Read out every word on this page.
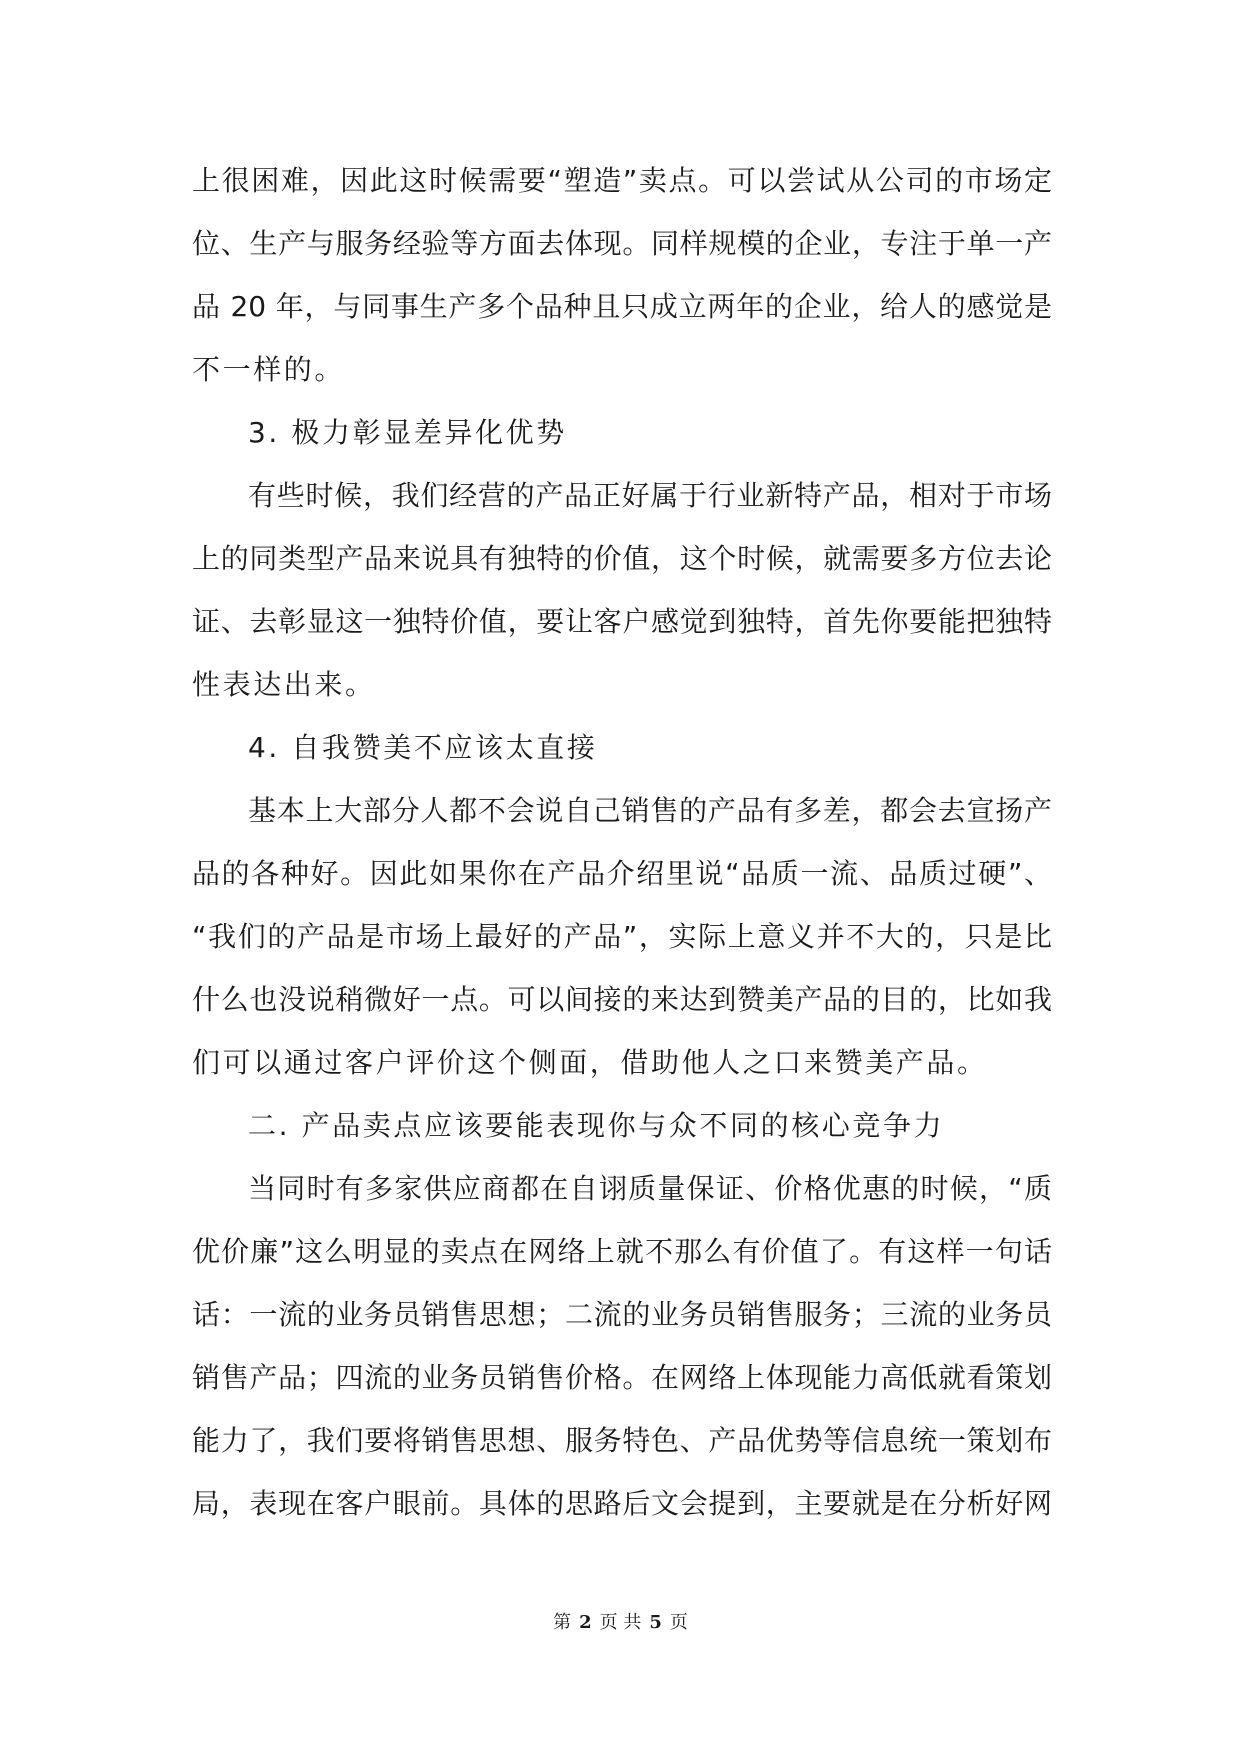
上很困难，因此这时候需要“塑造”卖点。可以尝试从公司的市场定
位、生产与服务经验等方面去体现。同样规模的企业，专注于单一产
品 20 年，与同事生产多个品种且只成立两年的企业，给人的感觉是
不一样的。
3. 极力彰显差异化优势
有些时候，我们经营的产品正好属于行业新特产品，相对于市场
上的同类型产品来说具有独特的价值，这个时候，就需要多方位去论
证、去彰显这一独特价值，要让客户感觉到独特，首先你要能把独特
性表达出来。
4. 自我赞美不应该太直接
基本上大部分人都不会说自己销售的产品有多差，都会去宣扬产
品的各种好。因此如果你在产品介绍里说“品质一流、品质过硬”、
“我们的产品是市场上最好的产品”，实际上意义并不大的，只是比
什么也没说稍微好一点。可以间接的来达到赞美产品的目的，比如我
们可以通过客户评价这个侧面，借助他人之口来赞美产品。
二. 产品卖点应该要能表现你与众不同的核心竞争力
当同时有多家供应商都在自诩质量保证、价格优惠的时候，“质
优价廉”这么明显的卖点在网络上就不那么有价值了。有这样一句话
话：一流的业务员销售思想；二流的业务员销售服务；三流的业务员
销售产品；四流的业务员销售价格。在网络上体现能力高低就看策划
能力了，我们要将销售思想、服务特色、产品优势等信息统一策划布
局，表现在客户眼前。具体的思路后文会提到，主要就是在分析好网
第 2 页 共 5 页
